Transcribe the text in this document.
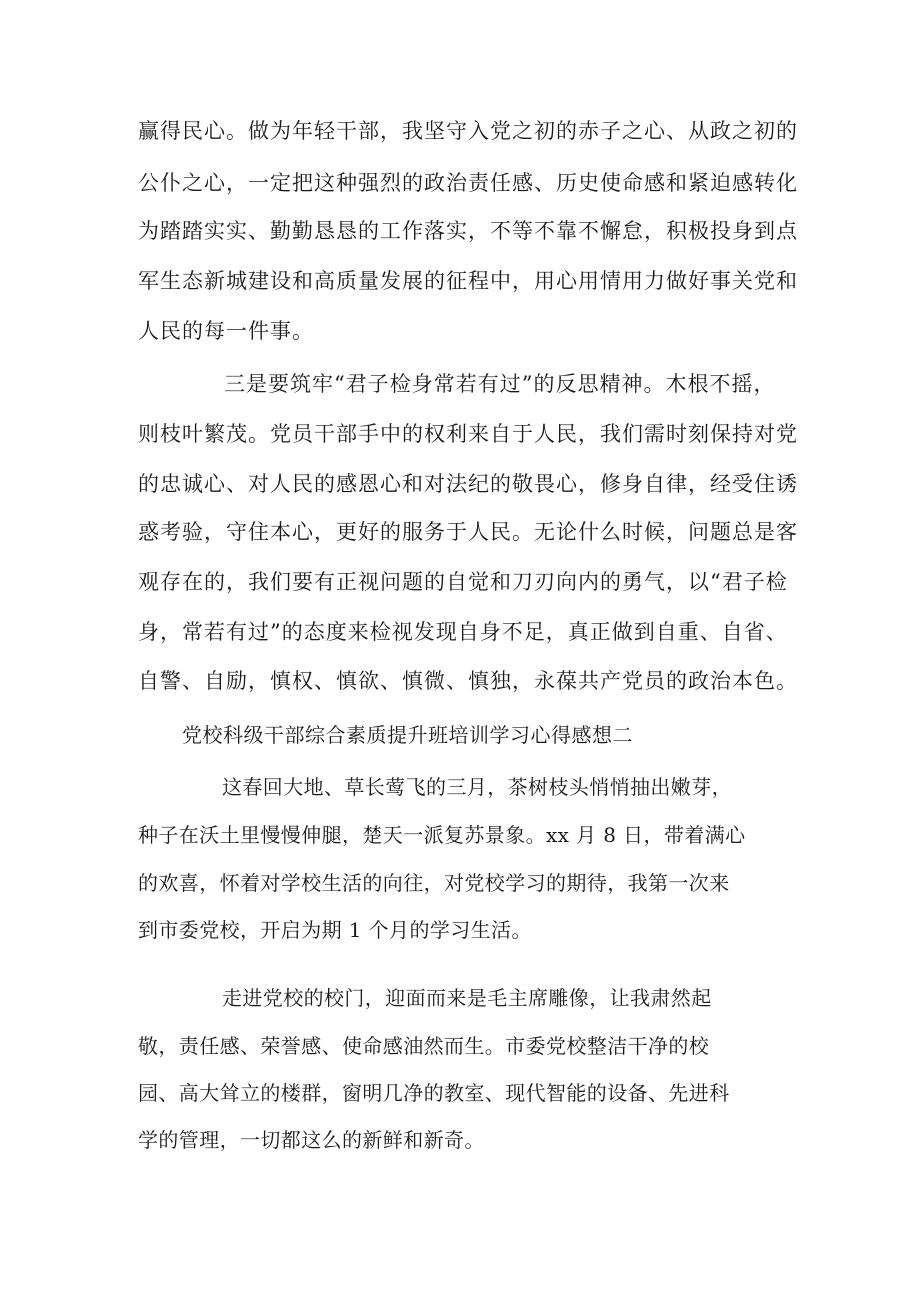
赢得民心。做为年轻干部，我坚守入党之初的赤子之心、从政之初的
公仆之心，一定把这种强烈的政治责任感、历史使命感和紧迫感转化
为踏踏实实、勤勤恳恳的工作落实，不等不靠不懈怠，积极投身到点
军生态新城建设和高质量发展的征程中，用心用情用力做好事关党和
人民的每一件事。
三是要筑牢“君子检身常若有过”的反思精神。木根不摇，
则枝叶繁茂。党员干部手中的权利来自于人民，我们需时刻保持对党
的忠诚心、对人民的感恩心和对法纪的敬畏心，修身自律，经受住诱
惑考验，守住本心，更好的服务于人民。无论什么时候，问题总是客
观存在的，我们要有正视问题的自觉和刀刃向内的勇气，以“君子检
身，常若有过”的态度来检视发现自身不足，真正做到自重、自省、
自警、自励，慎权、慎欲、慎微、慎独，永葆共产党员的政治本色。
党校科级干部综合素质提升班培训学习心得感想二
这春回大地、草长莺飞的三月，茶树枝头悄悄抽出嫩芽，
种子在沃土里慢慢伸腿，楚天一派复苏景象。xx 月 8 日，带着满心
的欢喜，怀着对学校生活的向往，对党校学习的期待，我第一次来
到市委党校，开启为期 1 个月的学习生活。
走进党校的校门，迎面而来是毛主席雕像，让我肃然起
敬，责任感、荣誉感、使命感油然而生。市委党校整洁干净的校
园、高大耸立的楼群，窗明几净的教室、现代智能的设备、先进科
学的管理，一切都这么的新鲜和新奇。
